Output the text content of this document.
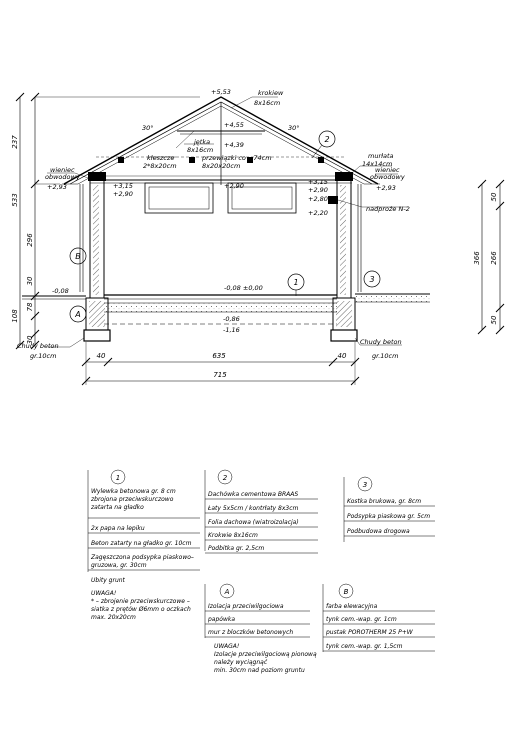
+5,53	krokiew
8x16cm
+4,55
jętka
8x16cm
+4,39
kleszcze
2*8x20cm
przewiązki co ~74cm
8x20x20cm
murłata
14x14cm
wieniec
obwodowy
wieniec
obwodowy
+2,93	+3,15
+2,90
+2,90	+3,15
+2,90	+2,93
+2,80
nadproże N-2
+2,20
-0,08 ±0,00
-0,08
-0,86
-1,16
Chudy beton
gr.10cm
Chudy beton
gr.10cm
30°	30°
1
2
3
A
B
237
533
296
108
78
30
30
50
366 266
50
40	635	40
715
1
Wylewka betonowa gr. 8 cm
zbrojona przeciwskurczowo
zatarta na gładko
2x papa na lepiku
Beton zatarty na gładko gr. 10cm
Zagęszczona podsypka piaskowo–
gruzowa, gr. 30cm
Ubity grunt
UWAGA!
* – zbrojenie przeciwskurczowe –
siatka z prętów Ø6mm o oczkach
max. 20x20cm
2
Dachówka cementowa BRAAS
Łaty 5x5cm / kontrłaty 8x3cm
Folia dachowa (wiatroizolacja)
Krokwie 8x16cm
Podbitka gr. 2,5cm
3
Kostka brukowa, gr. 8cm
Podsypka piaskowa gr. 5cm
Podbudowa drogowa
A
Izolacja przeciwilgociowa
papówka
mur z bloczków betonowych
UWAGA!
Izolacje przeciwilgociową pionową
należy wyciągnąć
min. 30cm nad poziom gruntu
B
farba elewacyjna
tynk cem.-wap. gr. 1cm
pustak POROTHERM 25 P+W
tynk cem.-wap. gr. 1,5cm
